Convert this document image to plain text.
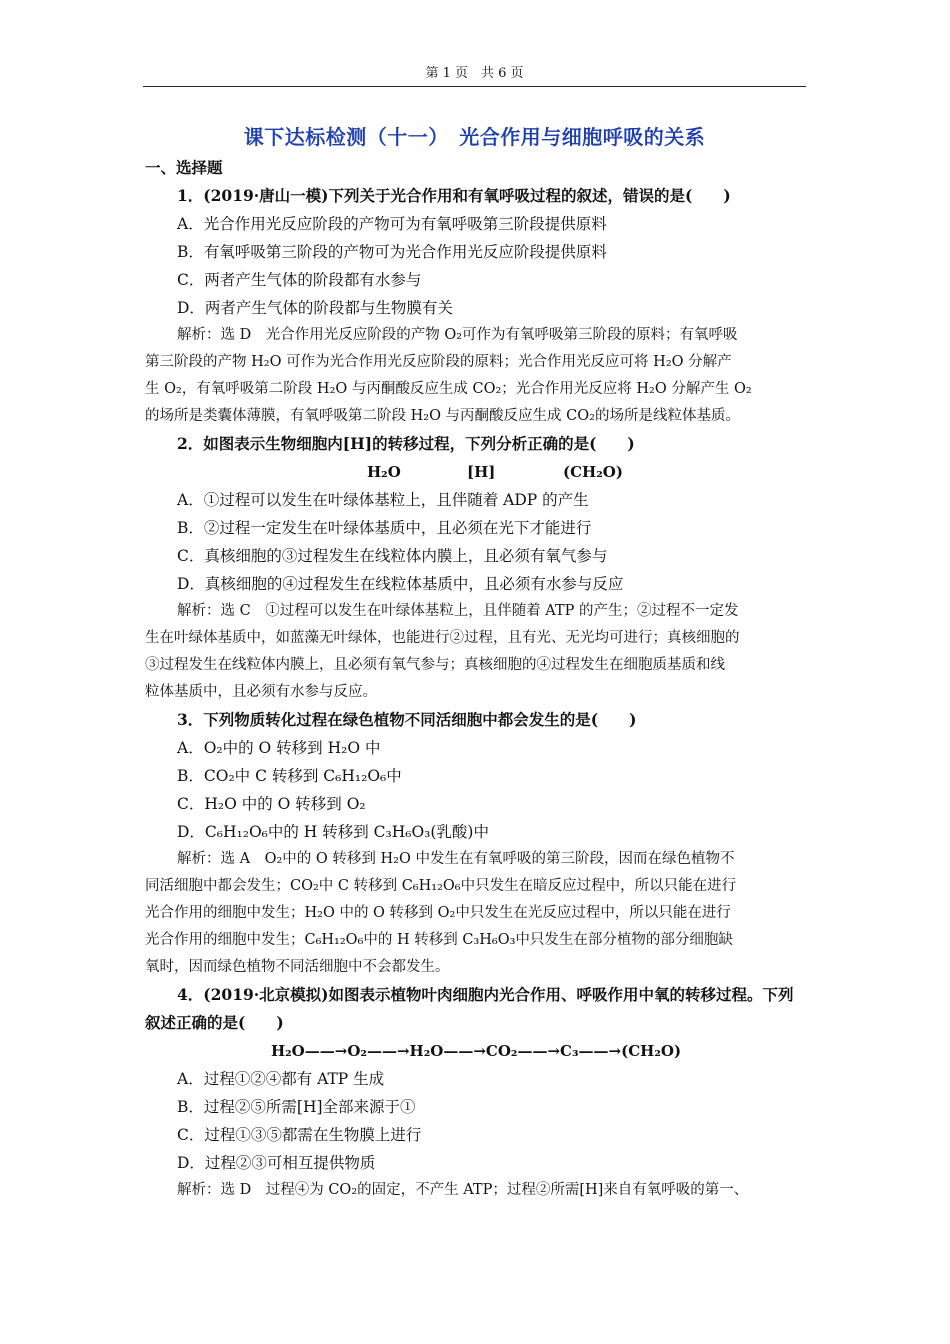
第 1 页　共 6 页
课下达标检测（十一）　光合作用与细胞呼吸的关系
一、选择题
1．(2019·唐山一模)下列关于光合作用和有氧呼吸过程的叙述，错误的是(　　)
A．光合作用光反应阶段的产物可为有氧呼吸第三阶段提供原料
B．有氧呼吸第三阶段的产物可为光合作用光反应阶段提供原料
C．两者产生气体的阶段都有水参与
D．两者产生气体的阶段都与生物膜有关
解析：选 D　光合作用光反应阶段的产物 O₂可作为有氧呼吸第三阶段的原料；有氧呼吸
第三阶段的产物 H₂O 可作为光合作用光反应阶段的原料；光合作用光反应可将 H₂O 分解产
生 O₂，有氧呼吸第二阶段 H₂O 与丙酮酸反应生成 CO₂；光合作用光反应将 H₂O 分解产生 O₂
的场所是类囊体薄膜，有氧呼吸第二阶段 H₂O 与丙酮酸反应生成 CO₂的场所是线粒体基质。
2．如图表示生物细胞内[H]的转移过程，下列分析正确的是(　　)
H₂O	[H]	(CH₂O)
A．①过程可以发生在叶绿体基粒上，且伴随着 ADP 的产生
B．②过程一定发生在叶绿体基质中，且必须在光下才能进行
C．真核细胞的③过程发生在线粒体内膜上，且必须有氧气参与
D．真核细胞的④过程发生在线粒体基质中，且必须有水参与反应
解析：选 C　①过程可以发生在叶绿体基粒上，且伴随着 ATP 的产生；②过程不一定发
生在叶绿体基质中，如蓝藻无叶绿体，也能进行②过程，且有光、无光均可进行；真核细胞的
③过程发生在线粒体内膜上，且必须有氧气参与；真核细胞的④过程发生在细胞质基质和线
粒体基质中，且必须有水参与反应。
3．下列物质转化过程在绿色植物不同活细胞中都会发生的是(　　)
A．O₂中的 O 转移到 H₂O 中
B．CO₂中 C 转移到 C₆H₁₂O₆中
C．H₂O 中的 O 转移到 O₂
D．C₆H₁₂O₆中的 H 转移到 C₃H₆O₃(乳酸)中
解析：选 A　O₂中的 O 转移到 H₂O 中发生在有氧呼吸的第三阶段，因而在绿色植物不
同活细胞中都会发生；CO₂中 C 转移到 C₆H₁₂O₆中只发生在暗反应过程中，所以只能在进行
光合作用的细胞中发生；H₂O 中的 O 转移到 O₂中只发生在光反应过程中，所以只能在进行
光合作用的细胞中发生；C₆H₁₂O₆中的 H 转移到 C₃H₆O₃中只发生在部分植物的部分细胞缺
氧时，因而绿色植物不同活细胞中不会都发生。
4．(2019·北京模拟)如图表示植物叶肉细胞内光合作用、呼吸作用中氧的转移过程。下列
叙述正确的是(　　)
H₂O——→O₂——→H₂O——→CO₂——→C₃——→(CH₂O)
A．过程①②④都有 ATP 生成
B．过程②⑤所需[H]全部来源于①
C．过程①③⑤都需在生物膜上进行
D．过程②③可相互提供物质
解析：选 D　过程④为 CO₂的固定，不产生 ATP；过程②所需[H]来自有氧呼吸的第一、
